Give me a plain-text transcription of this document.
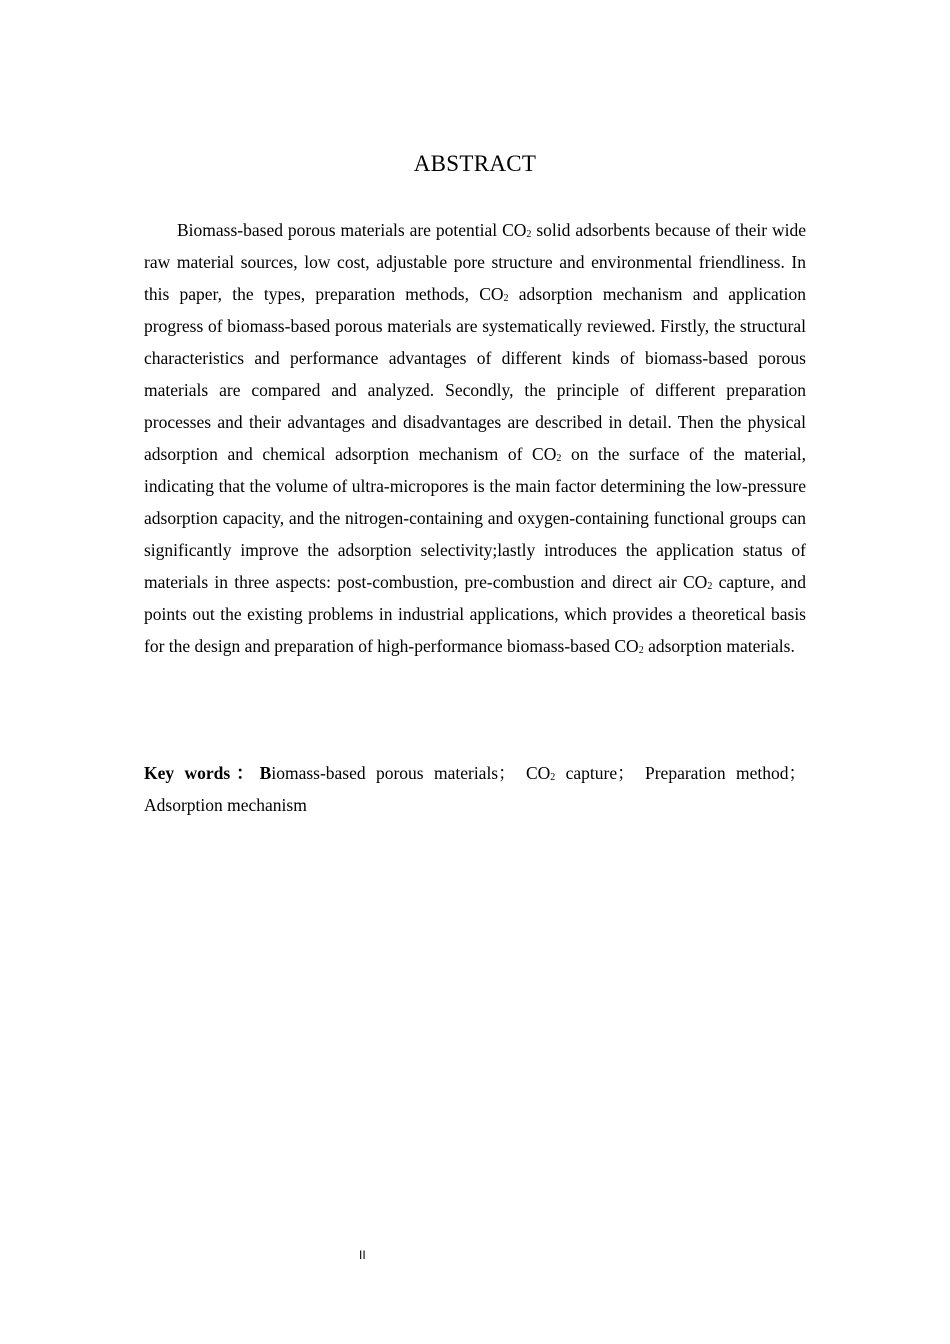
ABSTRACT

Biomass-based porous materials are potential $CO_2$ solid adsorbents because of their wide raw material sources, low cost, adjustable pore structure and environmental friendliness. In this paper, the types, preparation methods, $CO_2$ adsorption mechanism and application progress of biomass-based porous materials are systematically reviewed. Firstly, the structural characteristics and performance advantages of different kinds of biomass-based porous materials are compared and analyzed. Secondly, the principle of different preparation processes and their advantages and disadvantages are described in detail. Then the physical adsorption and chemical adsorption mechanism of $CO_2$ on the surface of the material, indicating that the volume of ultra-micropores is the main factor determining the low-pressure adsorption capacity, and the nitrogen-containing and oxygen-containing functional groups can significantly improve the adsorption selectivity;lastly introduces the application status of materials in three aspects: post-combustion, pre-combustion and direct air $CO_2$ capture, and points out the existing problems in industrial applications, which provides a theoretical basis for the design and preparation of high-performance biomass-based $CO_2$ adsorption materials.

Key words：Biomass-based porous materials； $CO_2$ capture； Preparation method；Adsorption mechanism
II
